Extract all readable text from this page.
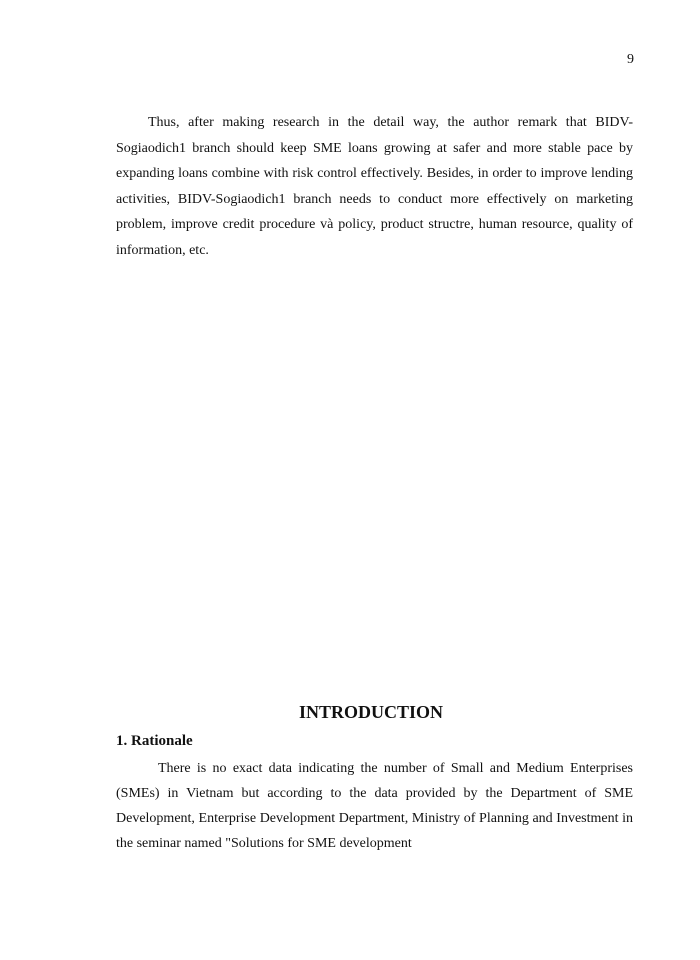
9

Thus, after making research in the detail way, the author remark that BIDV-Sogiaodich1 branch should keep SME loans growing at safer and more stable pace by expanding loans combine with risk control effectively. Besides, in order to improve lending activities, BIDV-Sogiaodich1 branch needs to conduct more effectively on marketing problem, improve credit procedure và policy, product structre, human resource, quality of information, etc.

INTRODUCTION
1. Rationale

There is no exact data indicating the number of Small and Medium Enterprises (SMEs) in Vietnam but according to the data provided by the Department of SME Development, Enterprise Development Department, Ministry of Planning and Investment in the seminar named "Solutions for SME development
